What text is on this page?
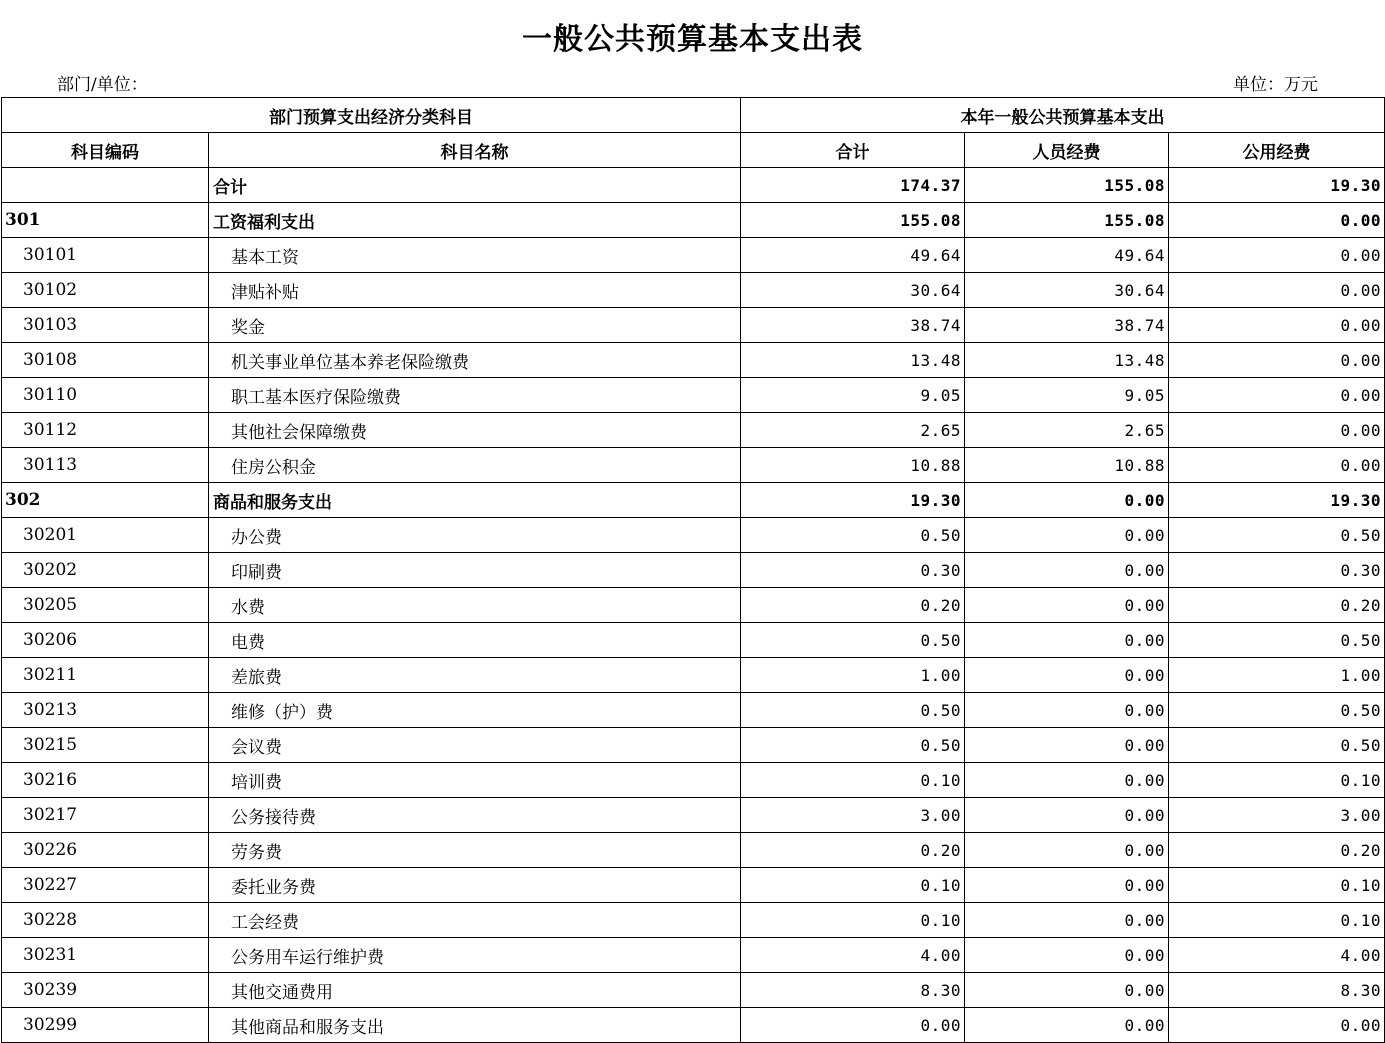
一般公共预算基本支出表
部门/单位：	单位：万元
部门预算支出经济分类科目		本年一般公共预算基本支出		
科目编码	科目名称	合计	人员经费	公用经费
	合计	174.37	155.08	19.30
301	工资福利支出	155.08	155.08	0.00
30101	基本工资	49.64	49.64	0.00
30102	津贴补贴	30.64	30.64	0.00
30103	奖金	38.74	38.74	0.00
30108	机关事业单位基本养老保险缴费	13.48	13.48	0.00
30110	职工基本医疗保险缴费	9.05	9.05	0.00
30112	其他社会保障缴费	2.65	2.65	0.00
30113	住房公积金	10.88	10.88	0.00
302	商品和服务支出	19.30	0.00	19.30
30201	办公费	0.50	0.00	0.50
30202	印刷费	0.30	0.00	0.30
30205	水费	0.20	0.00	0.20
30206	电费	0.50	0.00	0.50
30211	差旅费	1.00	0.00	1.00
30213	维修（护）费	0.50	0.00	0.50
30215	会议费	0.50	0.00	0.50
30216	培训费	0.10	0.00	0.10
30217	公务接待费	3.00	0.00	3.00
30226	劳务费	0.20	0.00	0.20
30227	委托业务费	0.10	0.00	0.10
30228	工会经费	0.10	0.00	0.10
30231	公务用车运行维护费	4.00	0.00	4.00
30239	其他交通费用	8.30	0.00	8.30
30299	其他商品和服务支出	0.00	0.00	0.00
